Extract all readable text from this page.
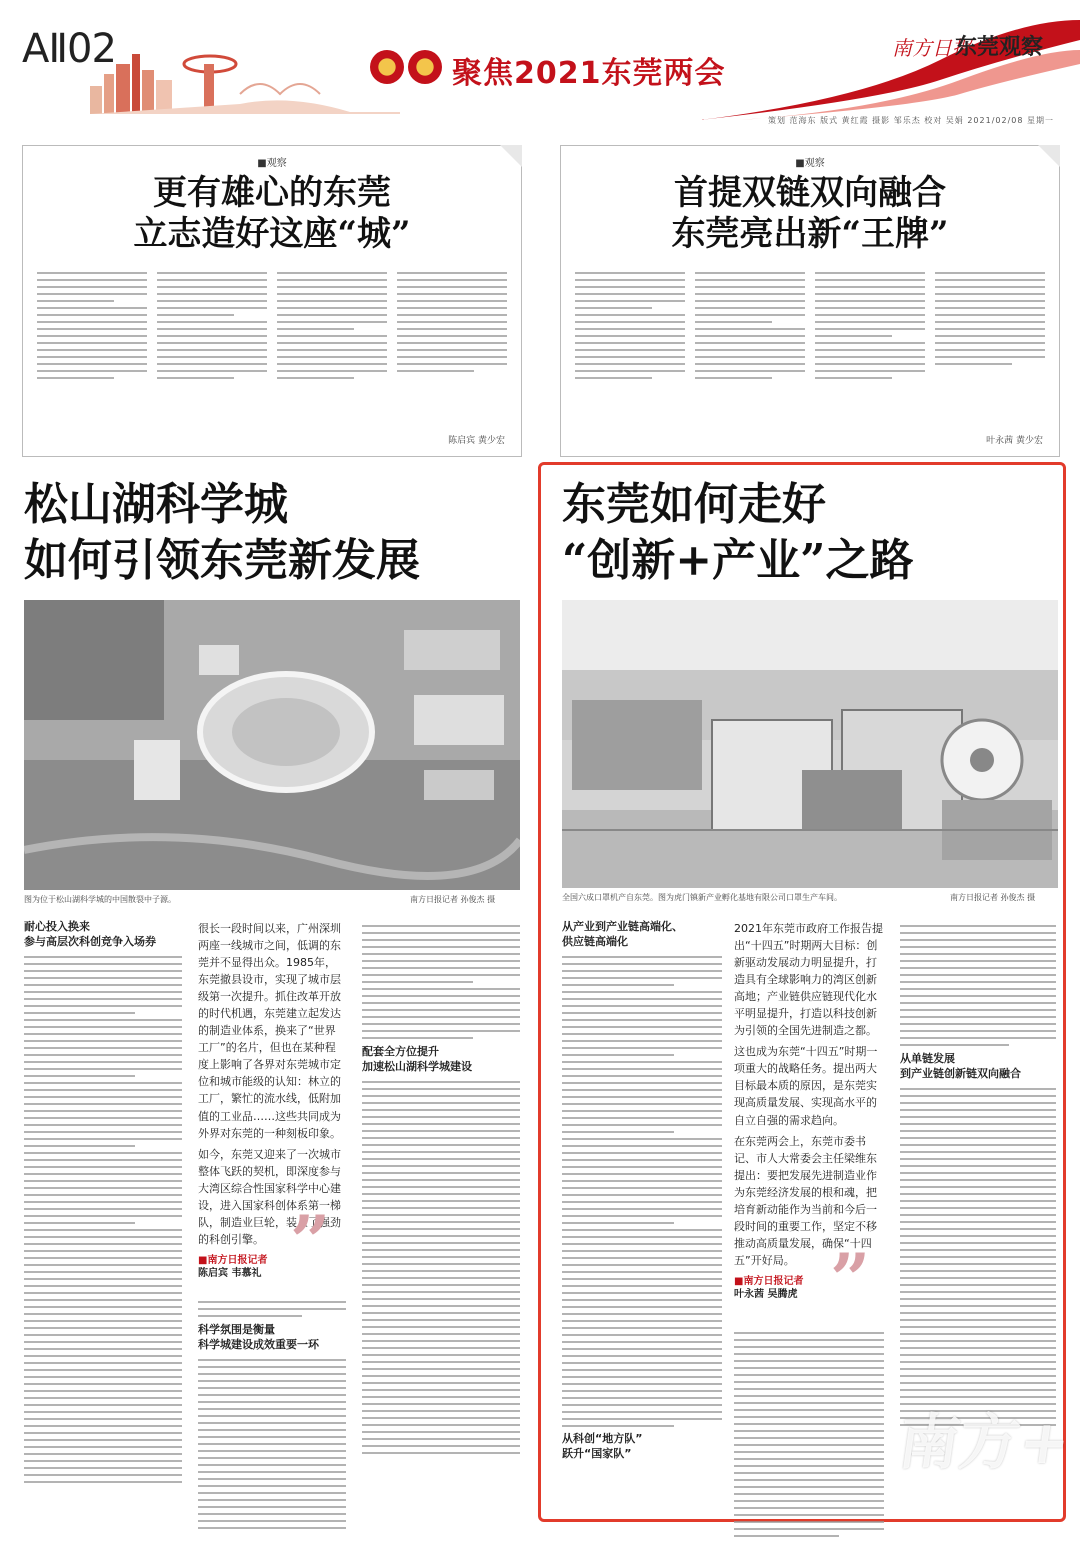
AⅡ02
聚焦2021东莞两会
南方日报
东莞观察
策划 范海东 版式 黄红霞 摄影 邹乐杰 校对 吴娟 2021/02/08 星期一
■观察
更有雄心的东莞
立志造好这座“城”
陈启宾 黄少宏
■观察
首提双链双向融合
东莞亮出新“王牌”
叶永茜 黄少宏
松山湖科学城
如何引领东莞新发展
图为位于松山湖科学城的中国散裂中子源。	南方日报记者 孙俊杰 摄
耐心投入换来
参与高层次科创竞争入场券
很长一段时间以来，广州深圳两座一线城市之间，低调的东莞并不显得出众。1985年，东莞撤县设市，实现了城市层级第一次提升。抓住改革开放的时代机遇，东莞建立起发达的制造业体系，换来了“世界工厂”的名片，但也在某种程度上影响了各界对东莞城市定位和城市能级的认知：林立的工厂，繁忙的流水线，低附加值的工业品……这些共同成为外界对东莞的一种刻板印象。
如今，东莞又迎来了一次城市整体飞跃的契机，即深度参与大湾区综合性国家科学中心建设，进入国家科创体系第一梯队，制造业巨轮，装上了强劲的科创引擎。
■南方日报记者
陈启宾 韦慕礼 ”
科学氛围是衡量
科学城建设成效重要一环
配套全方位提升
加速松山湖科学城建设
东莞如何走好
“创新+产业”之路
全国六成口罩机产自东莞。图为虎门镇新产业孵化基地有限公司口罩生产车间。	南方日报记者 孙俊杰 摄
从产业到产业链高端化、
供应链高端化
从科创“地方队”
跃升“国家队”
2021年东莞市政府工作报告提出“十四五”时期两大目标：创新驱动发展动力明显提升，打造具有全球影响力的湾区创新高地；产业链供应链现代化水平明显提升，打造以科技创新为引领的全国先进制造之都。
这也成为东莞“十四五”时期一项重大的战略任务。提出两大目标最本质的原因，是东莞实现高质量发展、实现高水平的自立自强的需求趋向。
在东莞两会上，东莞市委书记、市人大常委会主任梁维东提出：要把发展先进制造业作为东莞经济发展的根和魂，把培育新动能作为当前和今后一段时间的重要工作，坚定不移推动高质量发展，确保“十四五”开好局。
■南方日报记者
叶永茜 吴腾虎 ”
从单链发展
到产业链创新链双向融合
南方+
